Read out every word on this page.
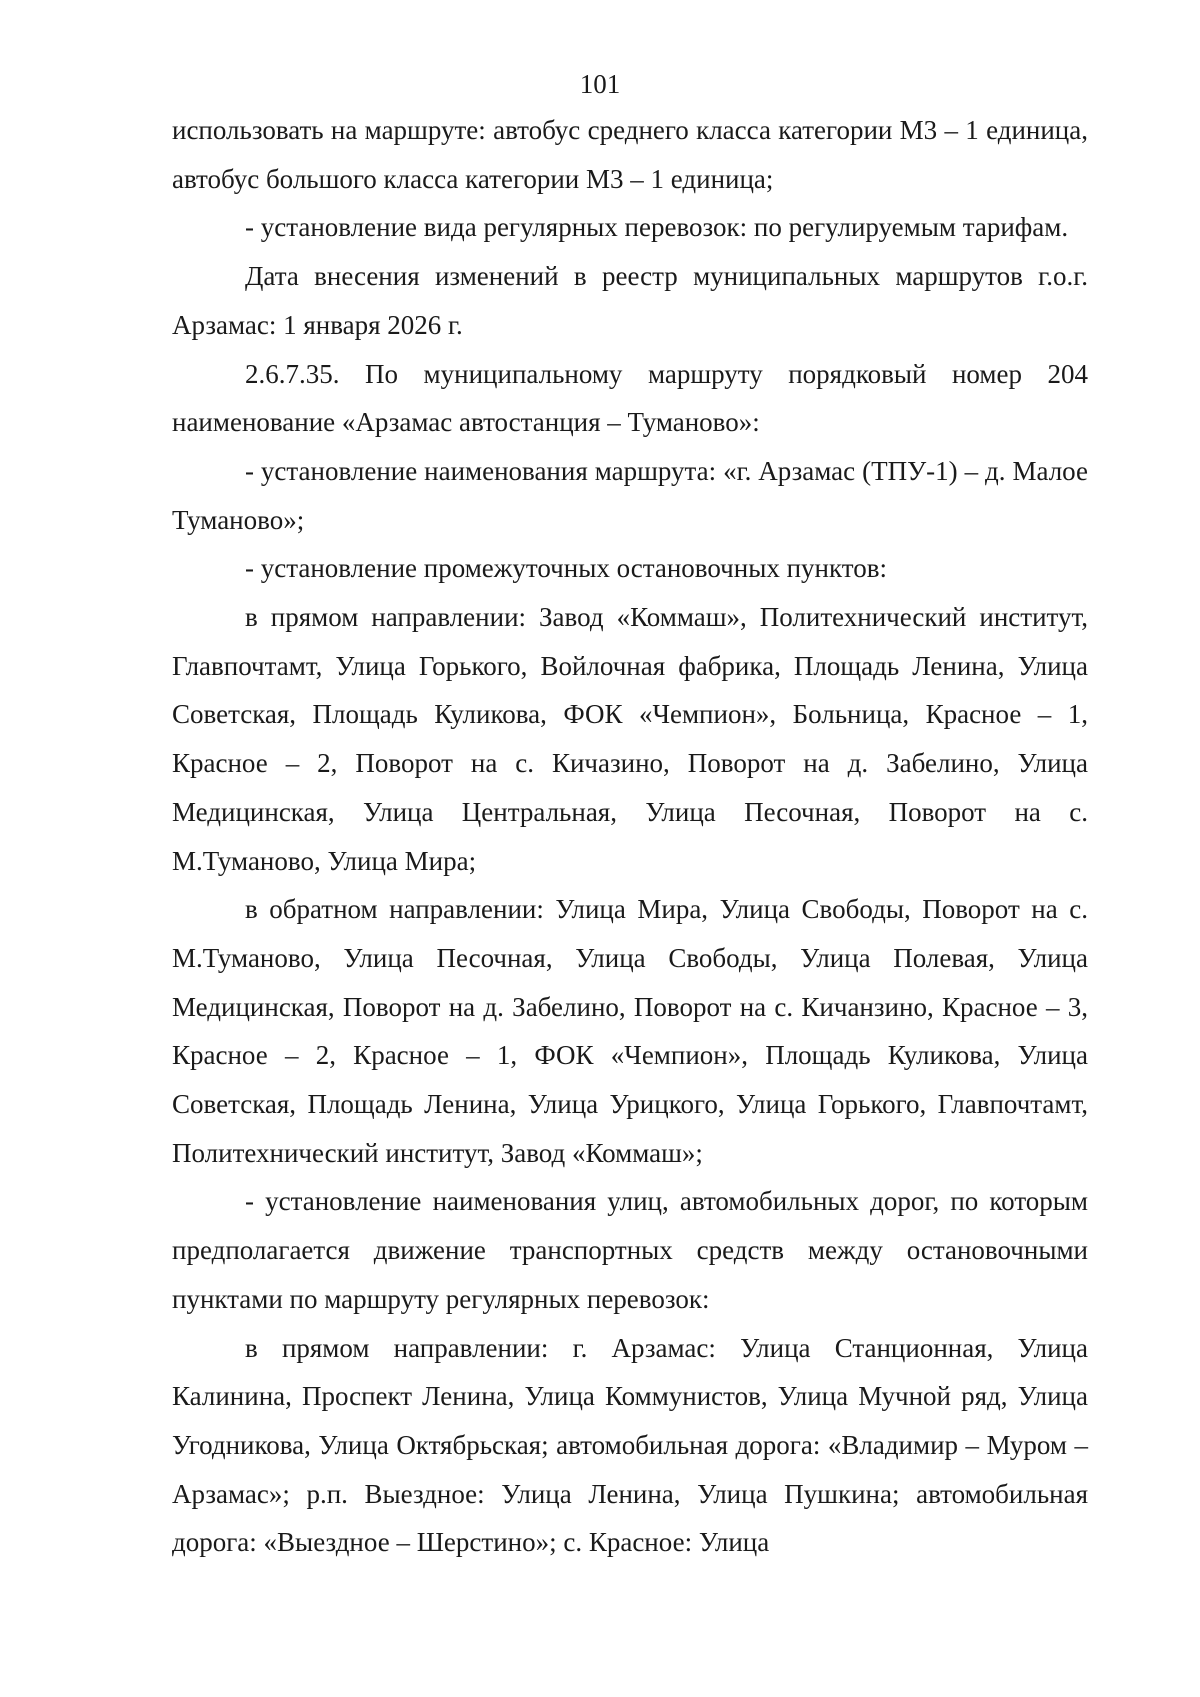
101

использовать на маршруте: автобус среднего класса категории М3 – 1 единица, автобус большого класса категории М3 – 1 единица;

- установление вида регулярных перевозок: по регулируемым тарифам.

Дата внесения изменений в реестр муниципальных маршрутов г.о.г. Арзамас: 1 января 2026 г.

2.6.7.35. По муниципальному маршруту порядковый номер 204 наименование «Арзамас автостанция – Туманово»:

- установление наименования маршрута: «г. Арзамас (ТПУ-1) – д. Малое Туманово»;

- установление промежуточных остановочных пунктов:

в прямом направлении: Завод «Коммаш», Политехнический институт, Главпочтамт, Улица Горького, Войлочная фабрика, Площадь Ленина, Улица Советская, Площадь Куликова, ФОК «Чемпион», Больница, Красное – 1, Красное – 2, Поворот на с. Кичазино, Поворот на д. Забелино, Улица Медицинская, Улица Центральная, Улица Песочная, Поворот на с. М.Туманово, Улица Мира;

в обратном направлении: Улица Мира, Улица Свободы, Поворот на с. М.Туманово, Улица Песочная, Улица Свободы, Улица Полевая, Улица Медицинская, Поворот на д. Забелино, Поворот на с. Кичанзино, Красное – 3, Красное – 2, Красное – 1, ФОК «Чемпион», Площадь Куликова, Улица Советская, Площадь Ленина, Улица Урицкого, Улица Горького, Главпочтамт, Политехнический институт, Завод «Коммаш»;

- установление наименования улиц, автомобильных дорог, по которым предполагается движение транспортных средств между остановочными пунктами по маршруту регулярных перевозок:

в прямом направлении: г. Арзамас: Улица Станционная, Улица Калинина, Проспект Ленина, Улица Коммунистов, Улица Мучной ряд, Улица Угодникова, Улица Октябрьская; автомобильная дорога: «Владимир – Муром – Арзамас»; р.п. Выездное: Улица Ленина, Улица Пушкина; автомобильная дорога: «Выездное – Шерстино»; с. Красное: Улица
